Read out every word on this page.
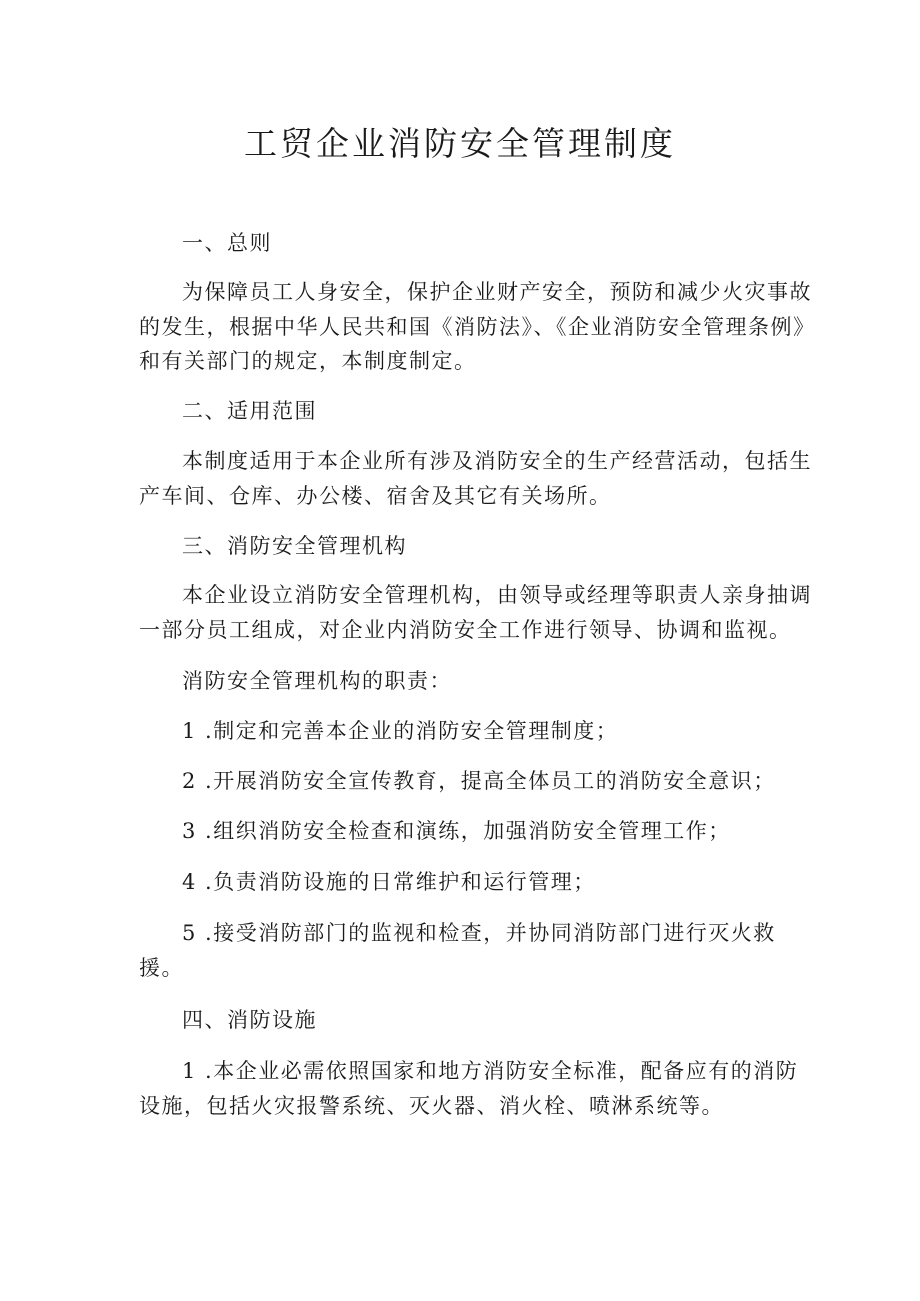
工贸企业消防安全管理制度

一、总则

为保障员工人身安全，保护企业财产安全，预防和减少火灾事故

的发生，根据中华人民共和国《消防法》、《企业消防安全管理条例》

和有关部门的规定，本制度制定。

二、适用范围

本制度适用于本企业所有涉及消防安全的生产经营活动，包括生

产车间、仓库、办公楼、宿舍及其它有关场所。

三、消防安全管理机构

本企业设立消防安全管理机构，由领导或经理等职责人亲身抽调

一部分员工组成，对企业内消防安全工作进行领导、协调和监视。

消防安全管理机构的职责：

1 .制定和完善本企业的消防安全管理制度；

2 .开展消防安全宣传教育，提高全体员工的消防安全意识；

3 .组织消防安全检查和演练，加强消防安全管理工作；

4 .负责消防设施的日常维护和运行管理；

5 .接受消防部门的监视和检查，并协同消防部门进行灭火救

援。

四、消防设施

1 .本企业必需依照国家和地方消防安全标准，配备应有的消防

设施，包括火灾报警系统、灭火器、消火栓、喷淋系统等。
